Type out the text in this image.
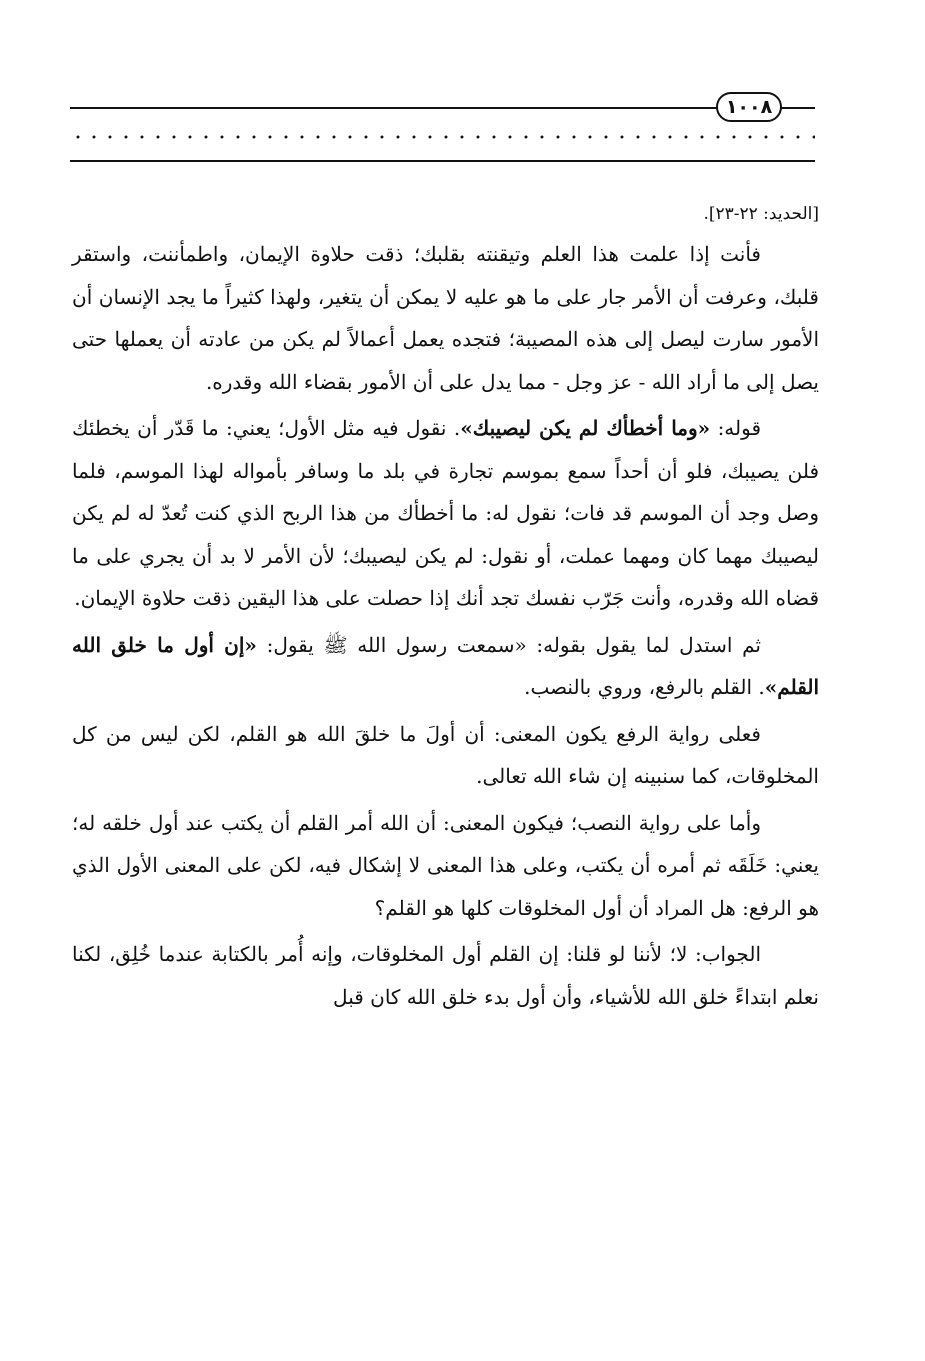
١٠٠٨

[الحديد: ٢٢-٢٣].

فأنت إذا علمت هذا العلم وتيقنته بقلبك؛ ذقت حلاوة الإيمان، واطمأننت، واستقر قلبك، وعرفت أن الأمر جار على ما هو عليه لا يمكن أن يتغير، ولهذا كثيراً ما يجد الإنسان أن الأمور سارت ليصل إلى هذه المصيبة؛ فتجده يعمل أعمالاً لم يكن من عادته أن يعملها حتى يصل إلى ما أراد الله - عز وجل - مما يدل على أن الأمور بقضاء الله وقدره.

قوله: «وما أخطأك لم يكن ليصيبك». نقول فيه مثل الأول؛ يعني: ما قَدّر أن يخطئك فلن يصيبك، فلو أن أحداً سمع بموسم تجارة في بلد ما وسافر بأمواله لهذا الموسم، فلما وصل وجد أن الموسم قد فات؛ نقول له: ما أخطأك من هذا الربح الذي كنت تُعدّ له لم يكن ليصيبك مهما كان ومهما عملت، أو نقول: لم يكن ليصيبك؛ لأن الأمر لا بد أن يجري على ما قضاه الله وقدره، وأنت جَرّب نفسك تجد أنك إذا حصلت على هذا اليقين ذقت حلاوة الإيمان.

ثم استدل لما يقول بقوله: «سمعت رسول الله ﷺ يقول: «إن أول ما خلق الله القلم». القلم بالرفع، وروي بالنصب.

فعلى رواية الرفع يكون المعنى: أن أولَ ما خلقَ الله هو القلم، لكن ليس من كل المخلوقات، كما سنبينه إن شاء الله تعالى.

وأما على رواية النصب؛ فيكون المعنى: أن الله أمر القلم أن يكتب عند أول خلقه له؛ يعني: خَلَقَه ثم أمره أن يكتب، وعلى هذا المعنى لا إشكال فيه، لكن على المعنى الأول الذي هو الرفع: هل المراد أن أول المخلوقات كلها هو القلم؟

الجواب: لا؛ لأننا لو قلنا: إن القلم أول المخلوقات، وإنه أُمر بالكتابة عندما خُلِق، لكنا نعلم ابتداءً خلق الله للأشياء، وأن أول بدء خلق الله كان قبل
